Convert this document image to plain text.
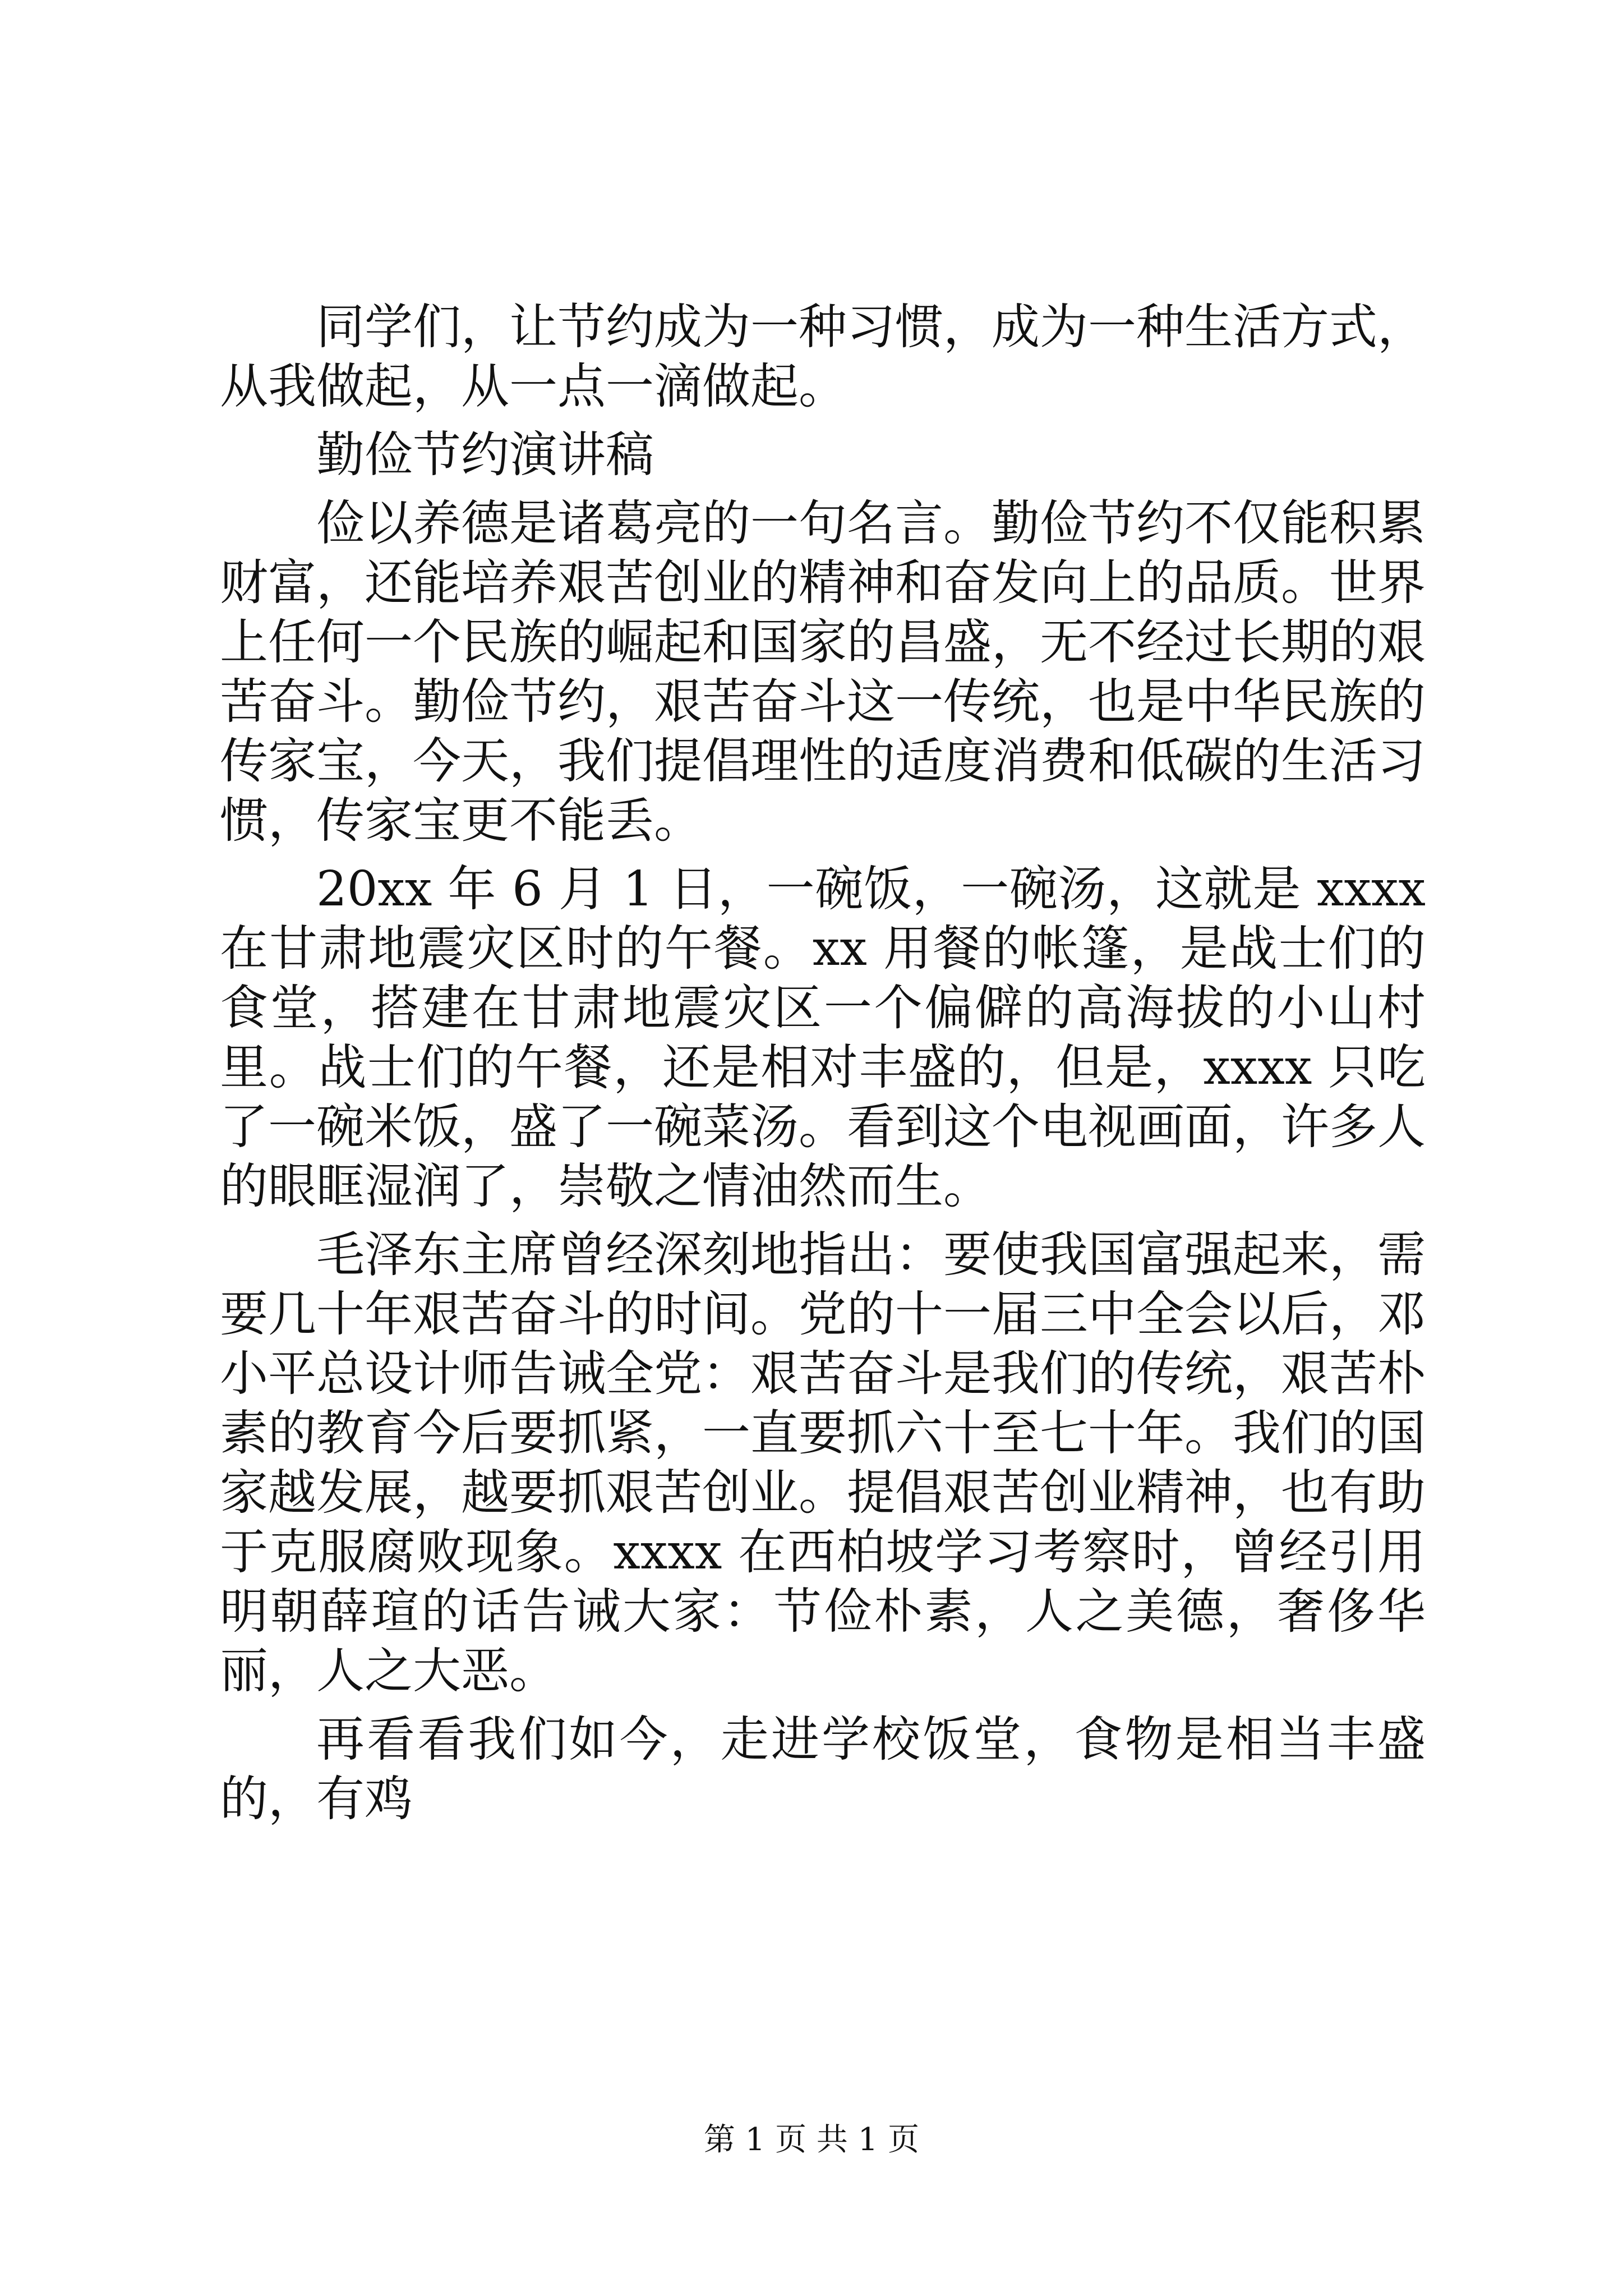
同学们，让节约成为一种习惯，成为一种生活方式，从我做起，从一点一滴做起。

勤俭节约演讲稿

俭以养德是诸葛亮的一句名言。勤俭节约不仅能积累财富，还能培养艰苦创业的精神和奋发向上的品质。世界上任何一个民族的崛起和国家的昌盛，无不经过长期的艰苦奋斗。勤俭节约，艰苦奋斗这一传统，也是中华民族的传家宝，今天，我们提倡理性的适度消费和低碳的生活习惯，传家宝更不能丢。

20xx 年 6 月 1 日，一碗饭，一碗汤，这就是 xxxx 在甘肃地震灾区时的午餐。xx 用餐的帐篷，是战士们的食堂，搭建在甘肃地震灾区一个偏僻的高海拔的小山村里。战士们的午餐，还是相对丰盛的，但是，xxxx 只吃了一碗米饭，盛了一碗菜汤。看到这个电视画面，许多人的眼眶湿润了，崇敬之情油然而生。

毛泽东主席曾经深刻地指出：要使我国富强起来，需要几十年艰苦奋斗的时间。党的十一届三中全会以后，邓小平总设计师告诫全党：艰苦奋斗是我们的传统，艰苦朴素的教育今后要抓紧，一直要抓六十至七十年。我们的国家越发展，越要抓艰苦创业。提倡艰苦创业精神，也有助于克服腐败现象。xxxx 在西柏坡学习考察时，曾经引用明朝薛瑄的话告诫大家：节俭朴素，人之美德，奢侈华丽，人之大恶。

再看看我们如今，走进学校饭堂，食物是相当丰盛的，有鸡

第 1 页 共 1 页
